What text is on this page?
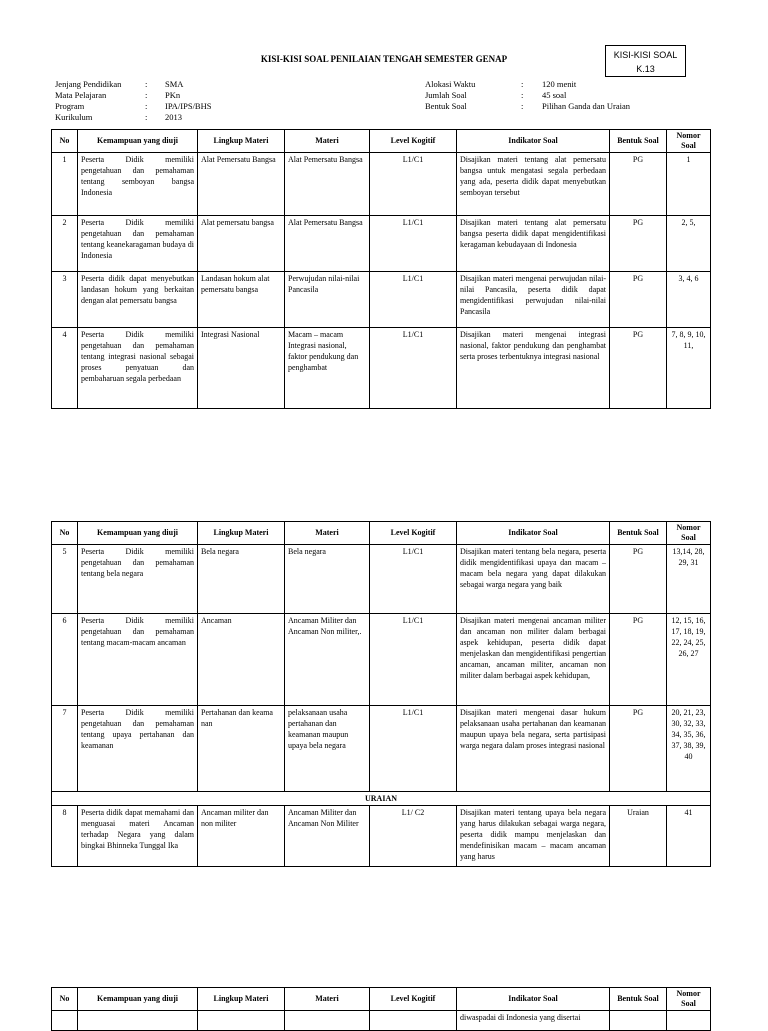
KISI-KISI SOAL
K.13
KISI-KISI SOAL PENILAIAN TENGAH SEMESTER GENAP
Jenjang Pendidikan	:	SMA
Mata Pelajaran	:	PKn
Program	:	IPA/IPS/BHS
Kurikulum	:	2013
Alokasi Waktu	:	120 menit
Jumlah Soal	:	45 soal
Bentuk Soal	:	Pilihan Ganda dan Uraian
No	Kemampuan yang diuji	Lingkup Materi	Materi	Level Kogitif	Indikator Soal	Bentuk Soal	Nomor Soal
1	Peserta Didik memiliki pengetahuan dan pemahaman tentang semboyan bangsa Indonesia	Alat Pemersatu Bangsa	Alat Pemersatu Bangsa	L1/C1	Disajikan materi tentang alat pemersatu bangsa untuk mengatasi segala perbedaan yang ada, peserta didik dapat menyebutkan semboyan tersebut	PG	1
2	Peserta Didik memiliki pengetahuan dan pemahaman tentang keanekaragaman budaya di Indonesia	Alat pemersatu bangsa	Alat Pemersatu Bangsa	L1/C1	Disajikan materi tentang alat pemersatu bangsa peserta didik dapat mengidentifikasi keragaman kebudayaan di Indonesia	PG	2, 5,
3	Peserta didik dapat menyebutkan landasan hokum yang berkaitan dengan alat pemersatu bangsa	Landasan hokum alat pemersatu bangsa	Perwujudan nilai-nilai Pancasila	L1/C1	Disajikan materi mengenai perwujudan nilai-nilai Pancasila, peserta didik dapat mengidentifikasi perwujudan nilai-nilai Pancasila	PG	3, 4, 6
4	Peserta Didik memiliki pengetahuan dan pemahaman tentang integrasi nasional sebagai proses penyatuan dan pembaharuan segala perbedaan	Integrasi Nasional	Macam – macam Integrasi nasional, faktor pendukung dan penghambat	L1/C1	Disajikan materi mengenai integrasi nasional, faktor pendukung dan penghambat serta proses terbentuknya integrasi nasional	PG	7, 8, 9, 10, 11,
No	Kemampuan yang diuji	Lingkup Materi	Materi	Level Kogitif	Indikator Soal	Bentuk Soal	Nomor Soal
5	Peserta Didik memiliki pengetahuan dan pemahaman tentang bela negara	Bela negara	Bela negara	L1/C1	Disajikan materi tentang bela negara, peserta didik mengidentifikasi upaya dan macam – macam bela negara yang dapat dilakukan sebagai warga negara yang baik	PG	13,14, 28, 29, 31
6	Peserta Didik memiliki pengetahuan dan pemahaman tentang macam-macam ancaman	Ancaman	Ancaman Militer dan Ancaman Non militer,.	L1/C1	Disajikan materi mengenai ancaman militer dan ancaman non militer dalam berbagai aspek kehidupan, peserta didik dapat menjelaskan dan mengidentifikasi pengertian ancaman, ancaman militer, ancaman non militer dalam berbagai aspek kehidupan,	PG	12, 15, 16, 17, 18, 19, 22, 24, 25, 26, 27
7	Peserta Didik memiliki pengetahuan dan pemahaman tentang upaya pertahanan dan keamanan	Pertahanan dan keama nan	pelaksanaan usaha pertahanan dan keamanan maupun upaya bela negara	L1/C1	Disajikan materi mengenai dasar hukum pelaksanaan usaha pertahanan dan keamanan maupun upaya bela negara, serta partisipasi warga negara dalam proses integrasi nasional	PG	20, 21, 23, 30, 32, 33, 34, 35, 36, 37, 38, 39, 40
URAIAN							
8	Peserta didik dapat memahami dan menguasai materi Ancaman terhadap Negara yang dalam bingkai Bhinneka Tunggal Ika	Ancaman militer dan non militer	Ancaman Militer dan Ancaman Non Militer	L1/ C2	Disajikan materi tentang upaya bela negara yang harus dilakukan sebagai warga negara, peserta didik mampu menjelaskan dan mendefinisikan macam – macam ancaman yang harus	Uraian	41
No	Kemampuan yang diuji	Lingkup Materi	Materi	Level Kogitif	Indikator Soal	Bentuk Soal	Nomor Soal
					diwaspadai di Indonesia yang disertai		
